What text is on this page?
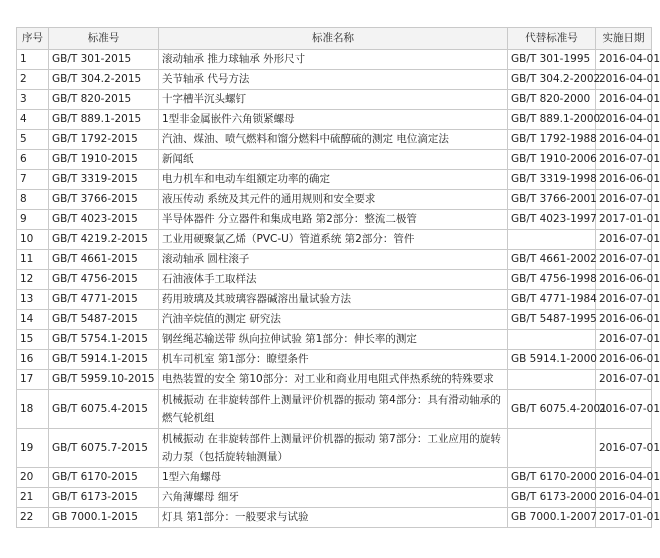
序号	标准号	标准名称	代替标准号	实施日期
1	GB/T 301-2015	滚动轴承 推力球轴承 外形尺寸	GB/T 301-1995	2016-04-01
2	GB/T 304.2-2015	关节轴承 代号方法	GB/T 304.2-2002	2016-04-01
3	GB/T 820-2015	十字槽半沉头螺钉	GB/T 820-2000	2016-04-01
4	GB/T 889.1-2015	1型非金属嵌件六角锁紧螺母	GB/T 889.1-2000	2016-04-01
5	GB/T 1792-2015	汽油、煤油、喷气燃料和馏分燃料中硫醇硫的测定 电位滴定法	GB/T 1792-1988	2016-04-01
6	GB/T 1910-2015	新闻纸	GB/T 1910-2006	2016-07-01
7	GB/T 3319-2015	电力机车和电动车组额定功率的确定	GB/T 3319-1998	2016-06-01
8	GB/T 3766-2015	液压传动 系统及其元件的通用规则和安全要求	GB/T 3766-2001	2016-07-01
9	GB/T 4023-2015	半导体器件 分立器件和集成电路 第2部分：整流二极管	GB/T 4023-1997	2017-01-01
10	GB/T 4219.2-2015	工业用硬聚氯乙烯（PVC-U）管道系统 第2部分：管件		2016-07-01
11	GB/T 4661-2015	滚动轴承 圆柱滚子	GB/T 4661-2002	2016-07-01
12	GB/T 4756-2015	石油液体手工取样法	GB/T 4756-1998	2016-06-01
13	GB/T 4771-2015	药用玻璃及其玻璃容器碱溶出量试验方法	GB/T 4771-1984	2016-07-01
14	GB/T 5487-2015	汽油辛烷值的测定 研究法	GB/T 5487-1995	2016-06-01
15	GB/T 5754.1-2015	钢丝绳芯输送带 纵向拉伸试验 第1部分：伸长率的测定		2016-07-01
16	GB/T 5914.1-2015	机车司机室 第1部分：瞭望条件	GB 5914.1-2000	2016-06-01
17	GB/T 5959.10-2015	电热装置的安全 第10部分：对工业和商业用电阻式伴热系统的特殊要求		2016-07-01
18	GB/T 6075.4-2015	机械振动 在非旋转部件上测量评价机器的振动 第4部分：具有滑动轴承的燃气轮机组	GB/T 6075.4-2001	2016-07-01
19	GB/T 6075.7-2015	机械振动 在非旋转部件上测量评价机器的振动 第7部分：工业应用的旋转动力泵（包括旋转轴测量）		2016-07-01
20	GB/T 6170-2015	1型六角螺母	GB/T 6170-2000	2016-04-01
21	GB/T 6173-2015	六角薄螺母 细牙	GB/T 6173-2000	2016-04-01
22	GB 7000.1-2015	灯具 第1部分：一般要求与试验	GB 7000.1-2007	2017-01-01
